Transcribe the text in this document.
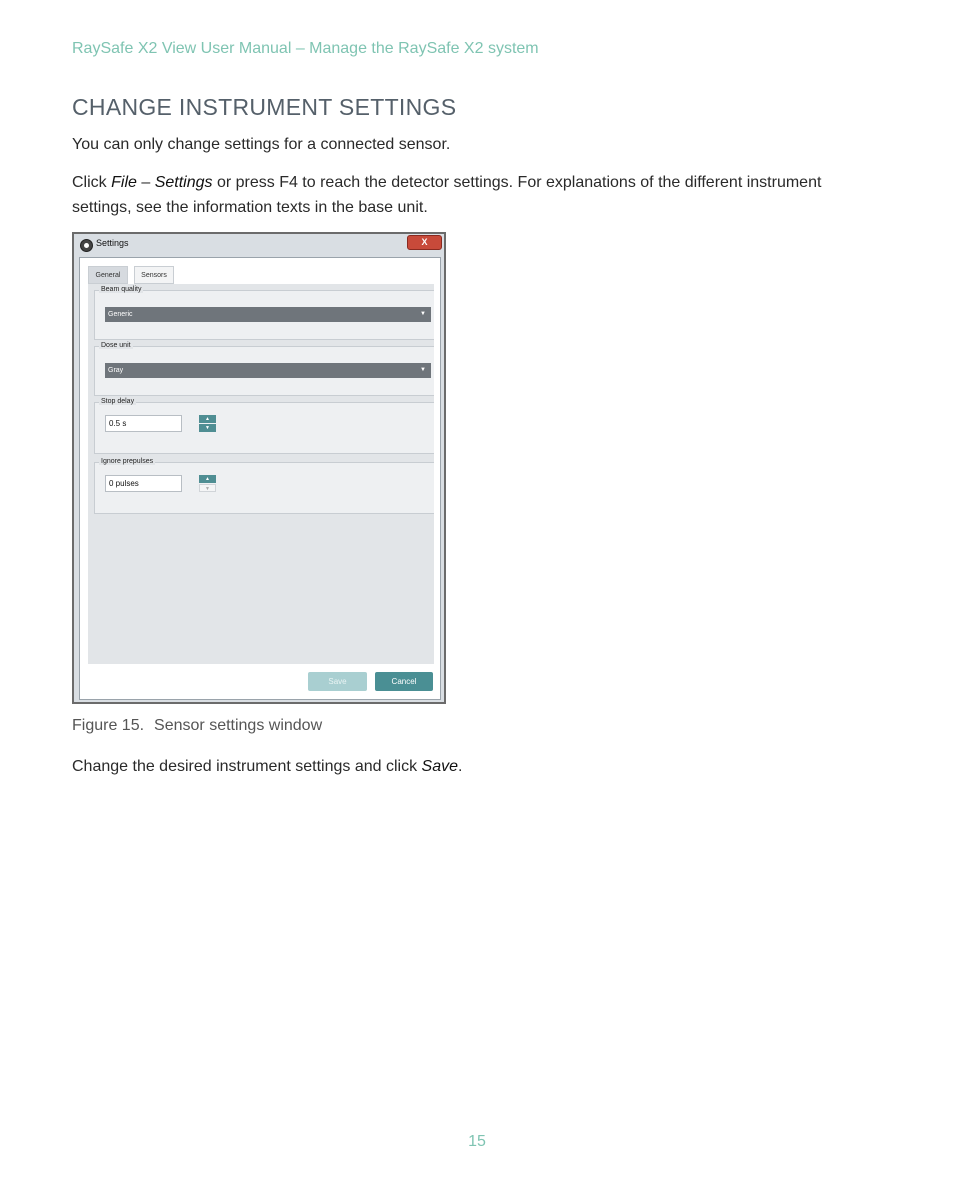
RaySafe X2 View User Manual – Manage the RaySafe X2 system
CHANGE INSTRUMENT SETTINGS

You can only change settings for a connected sensor.

Click File – Settings or press F4 to reach the detector settings. For explanations of the different instrument settings, see the information texts in the base unit.

Settings	X
General	Sensors
Beam quality
Generic	▼
Dose unit
Gray	▼
Stop delay
0.5 s	▲
▼
Ignore prepulses
0 pulses	▲
▼
Save	Cancel
Figure 15. Sensor settings window

Change the desired instrument settings and click Save.

15
